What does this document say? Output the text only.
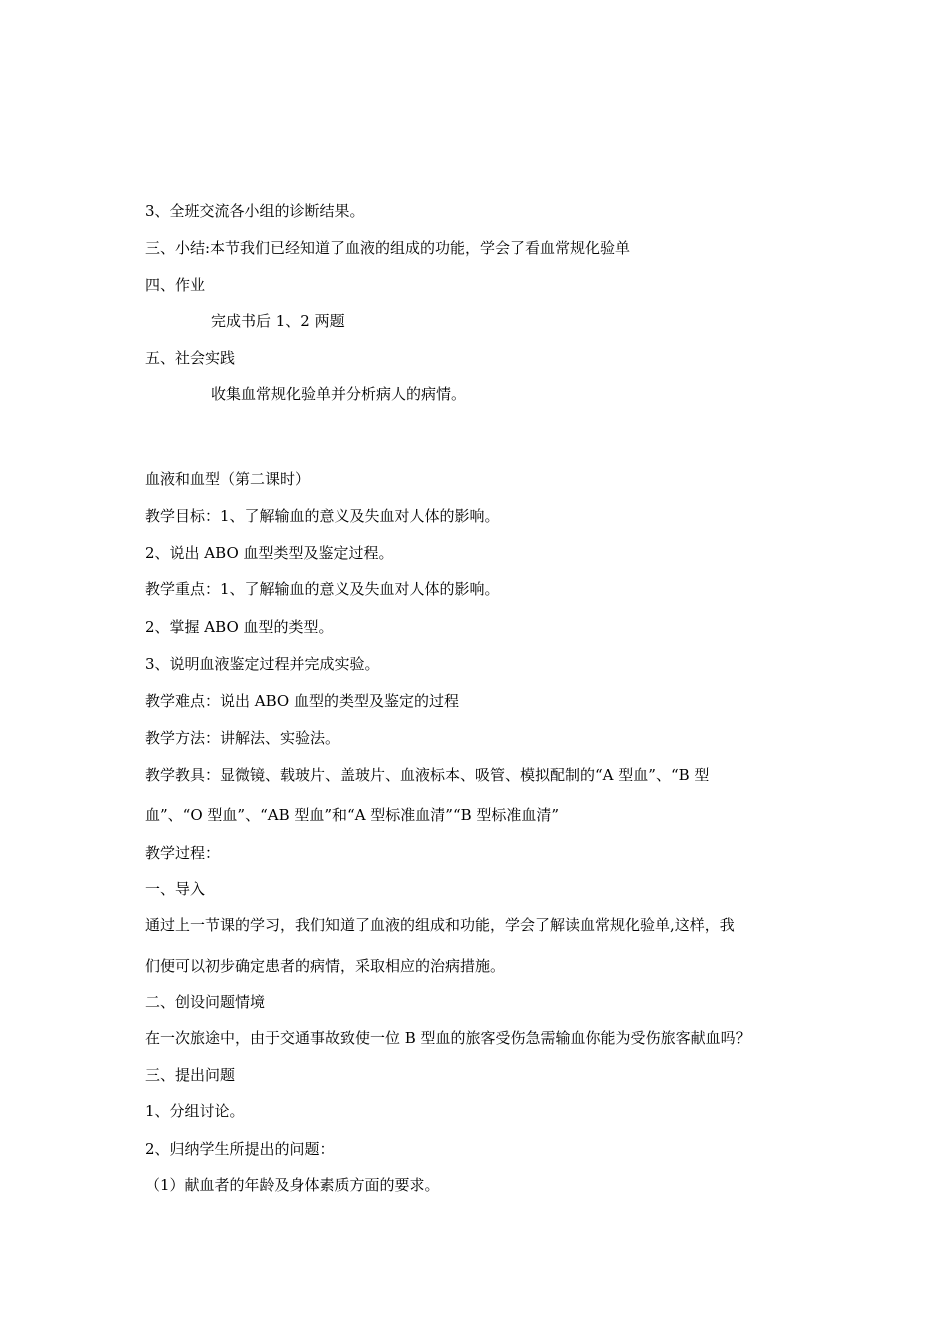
3、全班交流各小组的诊断结果。
三、小结:本节我们已经知道了血液的组成的功能，学会了看血常规化验单
四、作业
完成书后 1、2 两题
五、社会实践
收集血常规化验单并分析病人的病情。
血液和血型（第二课时）
教学目标：1、了解输血的意义及失血对人体的影响。
2、说出 ABO 血型类型及鉴定过程。
教学重点：1、了解输血的意义及失血对人体的影响。
2、掌握 ABO 血型的类型。
3、说明血液鉴定过程并完成实验。
教学难点：说出 ABO 血型的类型及鉴定的过程
教学方法：讲解法、实验法。
教学教具：显微镜、载玻片、盖玻片、血液标本、吸管、模拟配制的“A 型血”、“B 型
血”、“O 型血”、“AB 型血”和“A 型标准血清”“B 型标准血清”
教学过程：
一、导入
通过上一节课的学习，我们知道了血液的组成和功能，学会了解读血常规化验单,这样，我
们便可以初步确定患者的病情，采取相应的治病措施。
二、创设问题情境
在一次旅途中，由于交通事故致使一位 B 型血的旅客受伤急需输血你能为受伤旅客献血吗？
三、提出问题
1、分组讨论。
2、归纳学生所提出的问题：
（1）献血者的年龄及身体素质方面的要求。
